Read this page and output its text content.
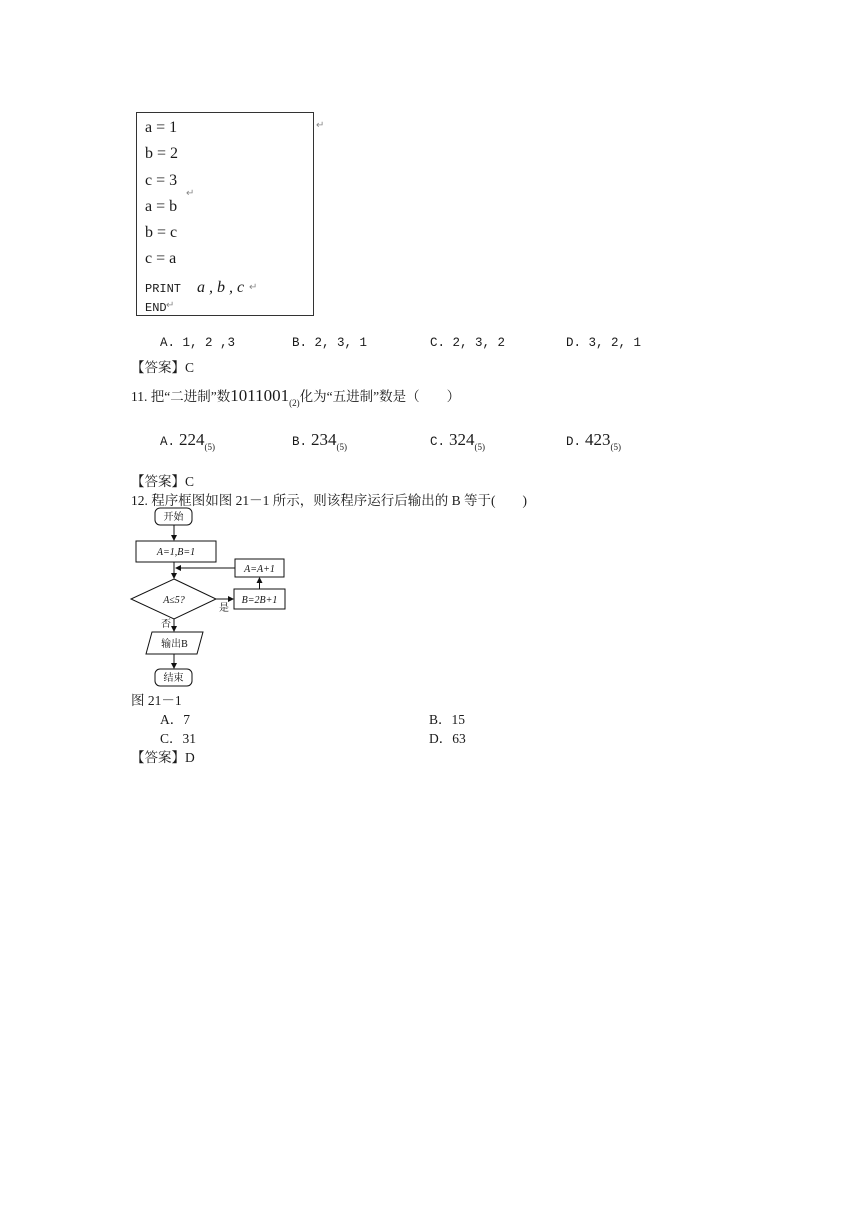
a = 1
b = 2
c = 3
a = b
b = c
c = a
PRINT a , b , c
END
↵
↵
↵
↵
A. 1, 2 ,3	B. 2, 3, 1	C. 2, 3, 2	D. 3, 2, 1
【答案】C
11. 把“二进制”数$1011001_{(2)}$化为“五进制”数是（　　）
A. $224_{(5)}$	B. $234_{(5)}$	C. $324_{(5)}$	D. $423_{(5)}$
【答案】C
12. 程序框图如图 21－1 所示，则该程序运行后输出的 B 等于(　　)
开始
A=1,B=1
A=A+1
A≤5?
是
B=2B+1
否
输出B
结束
图 21－1
A．7	B．15
C．31	D．63
【答案】D
